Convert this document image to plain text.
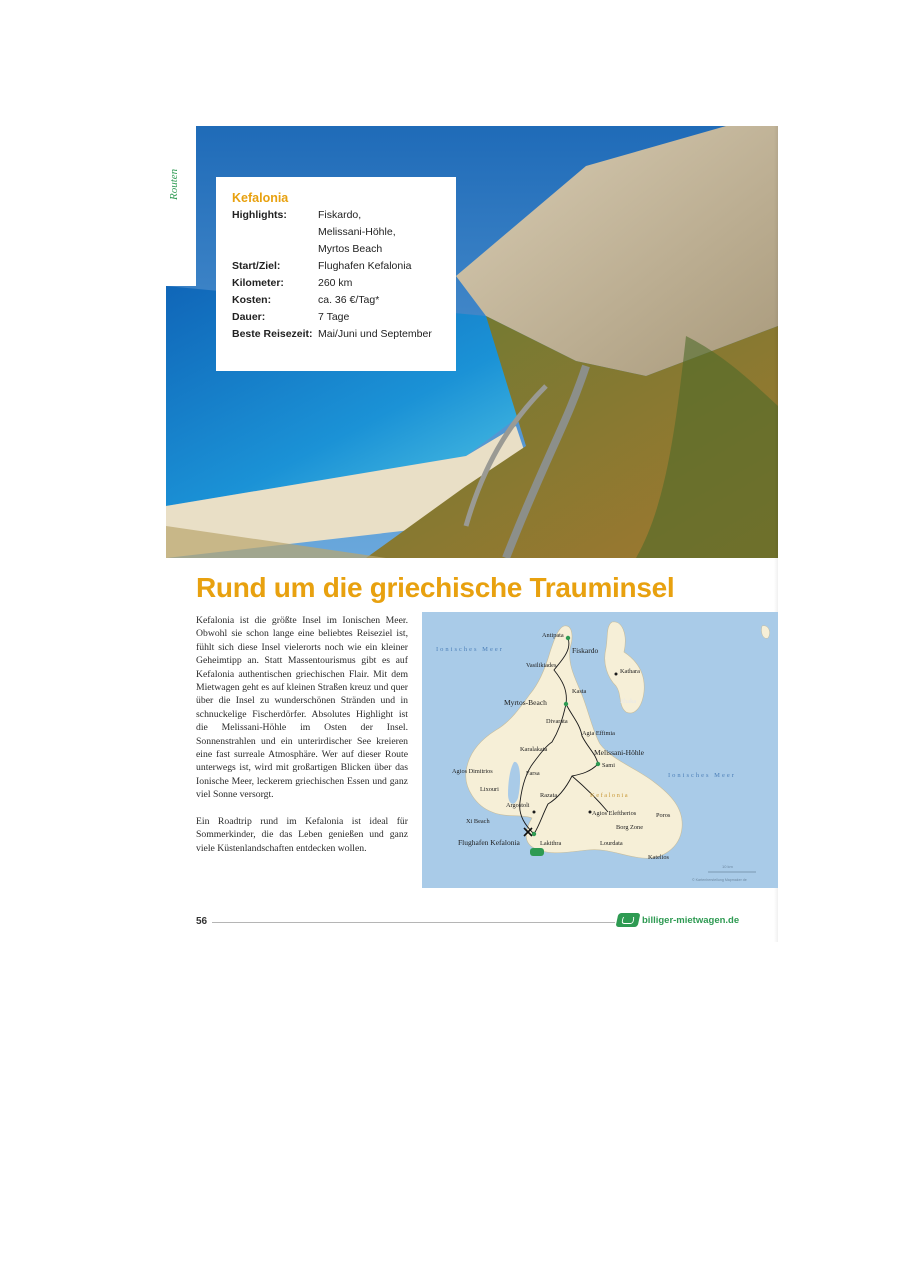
Routen	Kefalonia
Highlights:	Fiskardo,
Melissani-Höhle,
Myrtos Beach
Start/Ziel:	Flughafen Kefalonia
Kilometer:	260 km
Kosten:	ca. 36 €/Tag*
Dauer:	7 Tage
Beste Reisezeit: Mai/Juni und September
Rund um die griechische Trauminsel

Kefalonia ist die größte Insel im Ionischen Meer. Obwohl sie schon lange eine beliebtes Reiseziel ist, fühlt sich diese Insel vielerorts noch wie ein kleiner Geheimtipp an. Statt Massentourismus gibt es auf Kefalonia authentischen griechischen Flair. Mit dem Mietwagen geht es auf kleinen Straßen kreuz und quer über die Insel zu wunderschönen Stränden und in schnuckelige Fischerdörfer. Absolutes Highlight ist die Melissani-Höhle im Osten der Insel. Sonnenstrahlen und ein unterirdischer See kreieren eine fast surreale Atmosphäre. Wer auf dieser Route unterwegs ist, wird mit großartigen Blicken über das Ionische Meer, leckerem griechischen Essen und ganz viel Sonne versorgt.

Ein Roadtrip rund im Kefalonia ist ideal für Sommerkinder, die das Leben genießen und ganz viele Küstenlandschaften entdecken wollen.

Ionisches Meer
Ionisches Meer
Kefalonia
Ithaka
Antipata
Fiskardo
Vasilikiades
Kathara
Kasta
Myrtos-Beach
Divarata
Agia Effimia
Karalakata	Melissani-Höhle
Sami
Agios Dimitrios	Farsa
Lixouri
Razata
Argostoli
Agios Eleftherios	Poros
Xi Beach
Borg Zone
Flughafen Kefalonia	Lakithra	Lourdata
Katelios
10 km
© Kartenherstellung Mapmaker de
56	billiger-mietwagen.de
